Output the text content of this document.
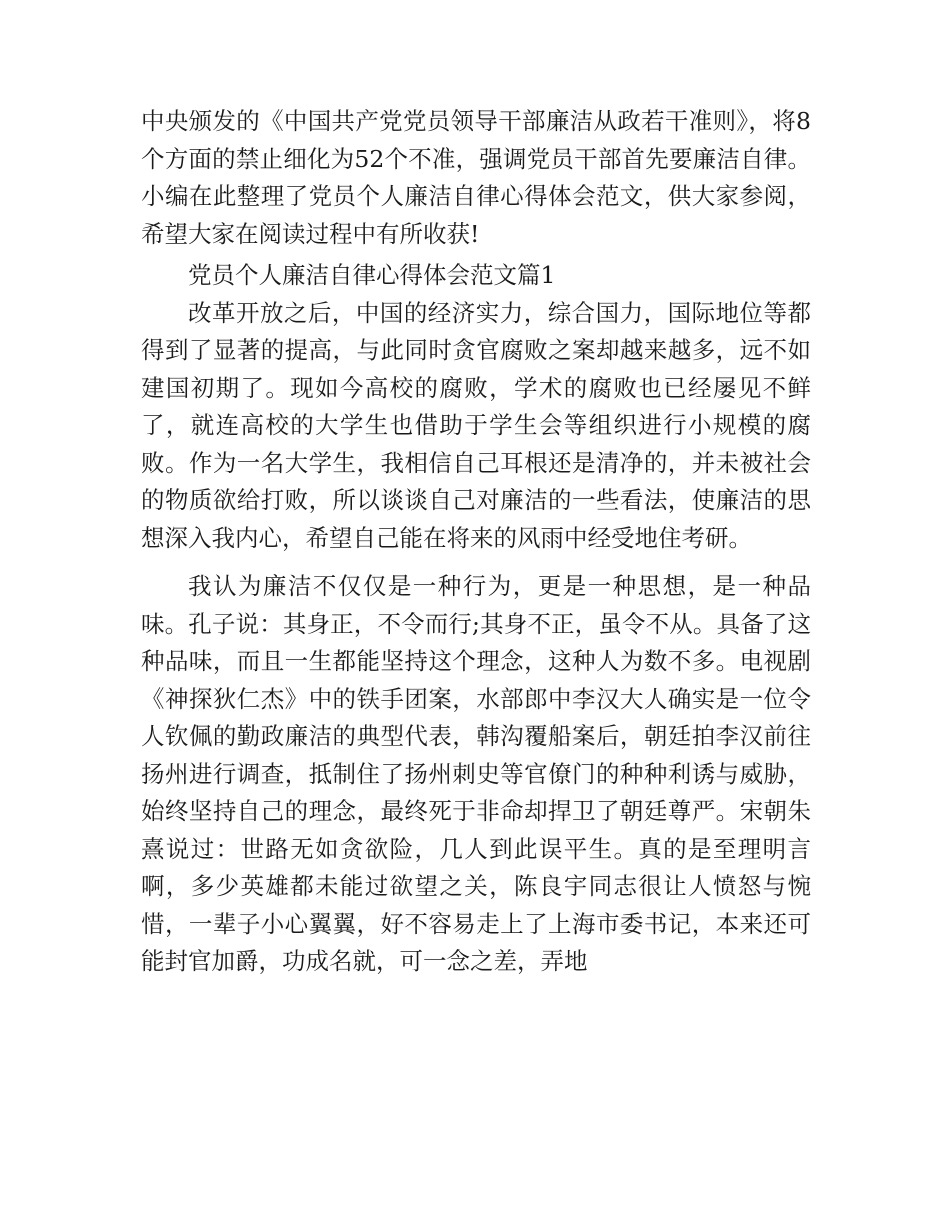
中央颁发的《中国共产党党员领导干部廉洁从政若干准则》，将8个方面的禁止细化为52个不准，强调党员干部首先要廉洁自律。小编在此整理了党员个人廉洁自律心得体会范文，供大家参阅，希望大家在阅读过程中有所收获!

党员个人廉洁自律心得体会范文篇1

改革开放之后，中国的经济实力，综合国力，国际地位等都得到了显著的提高，与此同时贪官腐败之案却越来越多，远不如建国初期了。现如今高校的腐败，学术的腐败也已经屡见不鲜了，就连高校的大学生也借助于学生会等组织进行小规模的腐败。作为一名大学生，我相信自己耳根还是清净的，并未被社会的物质欲给打败，所以谈谈自己对廉洁的一些看法，使廉洁的思想深入我内心，希望自己能在将来的风雨中经受地住考研。

我认为廉洁不仅仅是一种行为，更是一种思想，是一种品味。孔子说：其身正，不令而行;其身不正，虽令不从。具备了这种品味，而且一生都能坚持这个理念，这种人为数不多。电视剧《神探狄仁杰》中的铁手团案，水部郎中李汉大人确实是一位令人钦佩的勤政廉洁的典型代表，韩沟覆船案后，朝廷拍李汉前往扬州进行调查，抵制住了扬州刺史等官僚门的种种利诱与威胁，始终坚持自己的理念，最终死于非命却捍卫了朝廷尊严。宋朝朱熹说过：世路无如贪欲险，几人到此误平生。真的是至理明言啊，多少英雄都未能过欲望之关，陈良宇同志很让人愤怒与惋惜，一辈子小心翼翼，好不容易走上了上海市委书记，本来还可能封官加爵，功成名就，可一念之差，弄地
